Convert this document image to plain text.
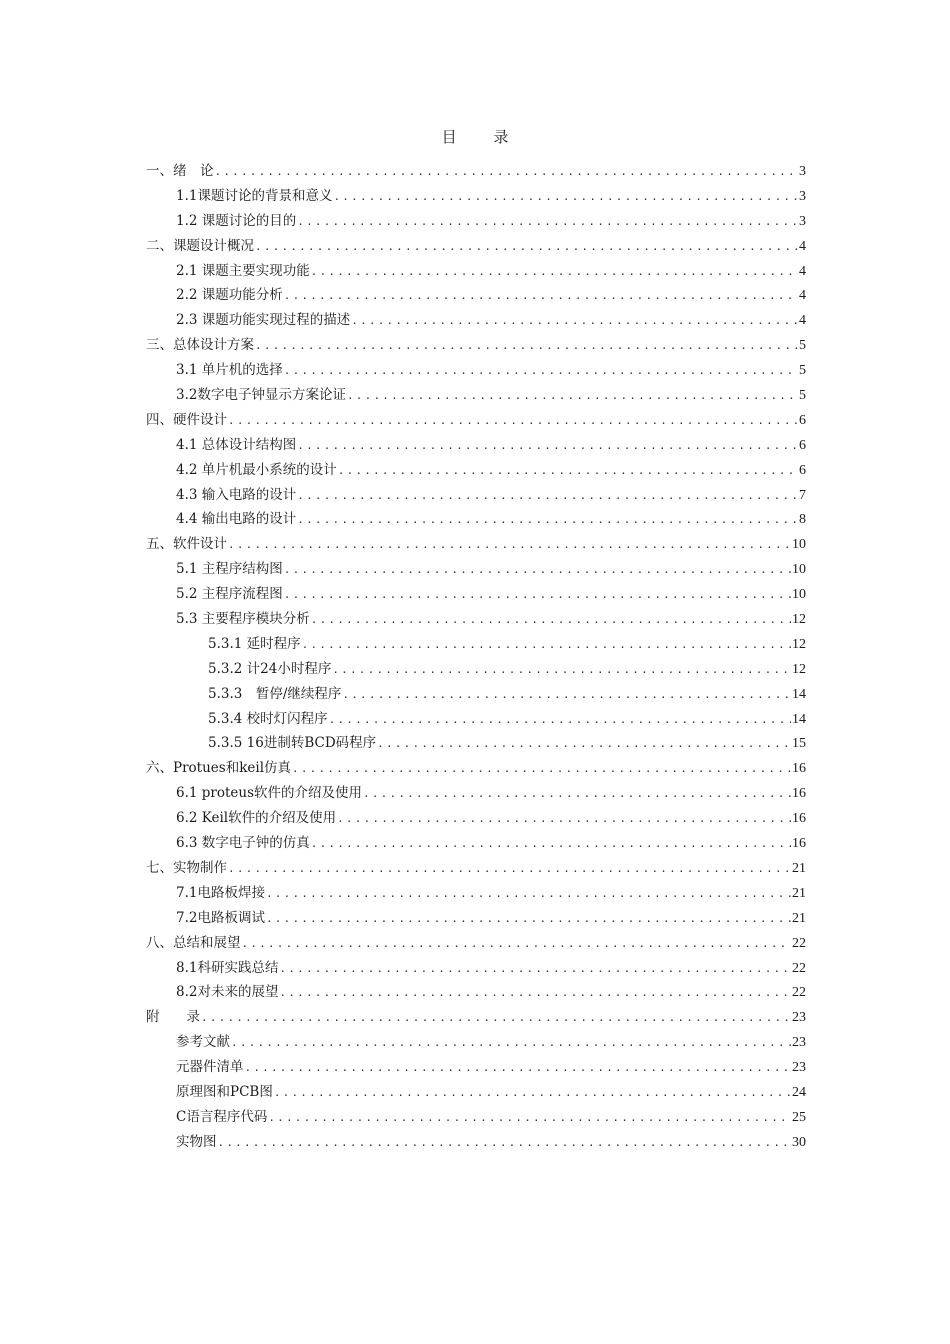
目 录
一、绪　论 .....	3
1.1课题讨论的背景和意义 .....	3
1.2 课题讨论的目的 .....	3
二、课题设计概况 .....	4
2.1 课题主要实现功能 .....	4
2.2 课题功能分析 .....	4
2.3 课题功能实现过程的描述 .....	4
三、总体设计方案 .....	5
3.1 单片机的选择 .....	5
3.2数字电子钟显示方案论证 .....	5
四、硬件设计 .....	6
4.1 总体设计结构图 .....	6
4.2 单片机最小系统的设计 .....	6
4.3 输入电路的设计 .....	7
4.4 输出电路的设计 .....	8
五、软件设计 .....	10
5.1 主程序结构图 .....	10
5.2 主程序流程图 .....	10
5.3 主要程序模块分析 .....	12
5.3.1 延时程序 .....	12
5.3.2 计24小时程序 .....	12
5.3.3　暂停/继续程序 .....	14
5.3.4 校时灯闪程序 .....	14
5.3.5 16进制转BCD码程序 .....	15
六、Protues和keil仿真 .....	16
6.1 proteus软件的介绍及使用 .....	16
6.2 Keil软件的介绍及使用 .....	16
6.3 数字电子钟的仿真 .....	16
七、实物制作 .....	21
7.1电路板焊接 .....	21
7.2电路板调试 .....	21
八、总结和展望 .....	22
8.1科研实践总结 .....	22
8.2对未来的展望 .....	22
附　　录 .....	23
参考文献 .....	23
元器件清单 .....	23
原理图和PCB图 .....	24
C语言程序代码 .....	25
实物图 .....	30
